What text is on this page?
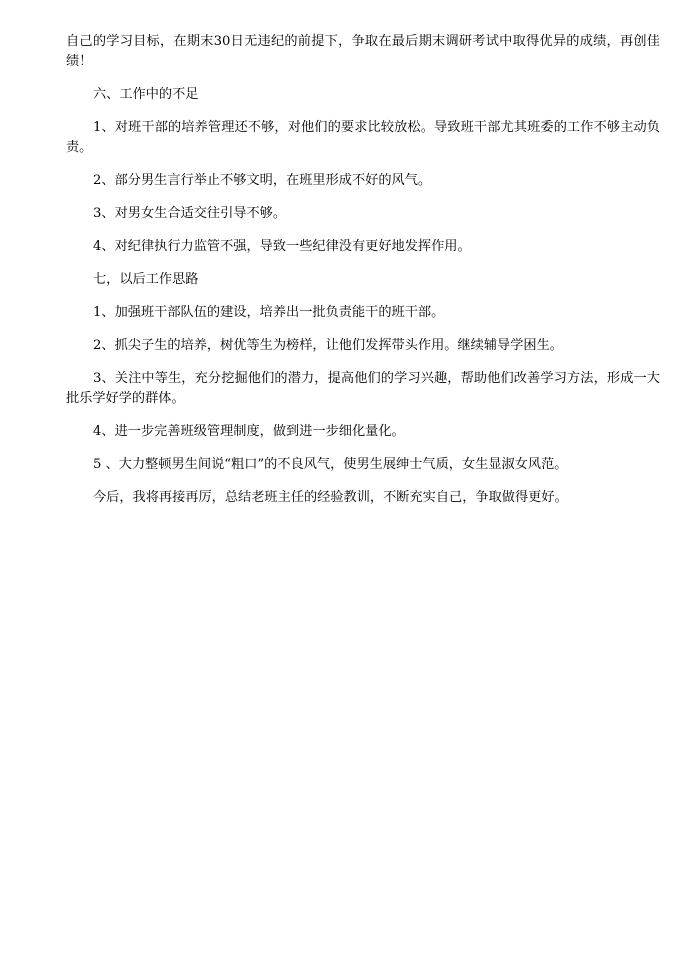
自己的学习目标，在期末30日无违纪的前提下，争取在最后期末调研考试中取得优异的成绩，再创佳绩！

六、工作中的不足

1、对班干部的培养管理还不够，对他们的要求比较放松。导致班干部尤其班委的工作不够主动负责。

2、部分男生言行举止不够文明，在班里形成不好的风气。

3、对男女生合适交往引导不够。

4、对纪律执行力监管不强，导致一些纪律没有更好地发挥作用。

七，以后工作思路

1、加强班干部队伍的建设，培养出一批负责能干的班干部。

2、抓尖子生的培养，树优等生为榜样，让他们发挥带头作用。继续辅导学困生。

3、关注中等生，充分挖掘他们的潜力，提高他们的学习兴趣，帮助他们改善学习方法，形成一大批乐学好学的群体。

4、进一步完善班级管理制度，做到进一步细化量化。

5 、大力整顿男生间说“粗口”的不良风气，使男生展绅士气质，女生显淑女风范。

今后，我将再接再厉，总结老班主任的经验教训，不断充实自己，争取做得更好。
